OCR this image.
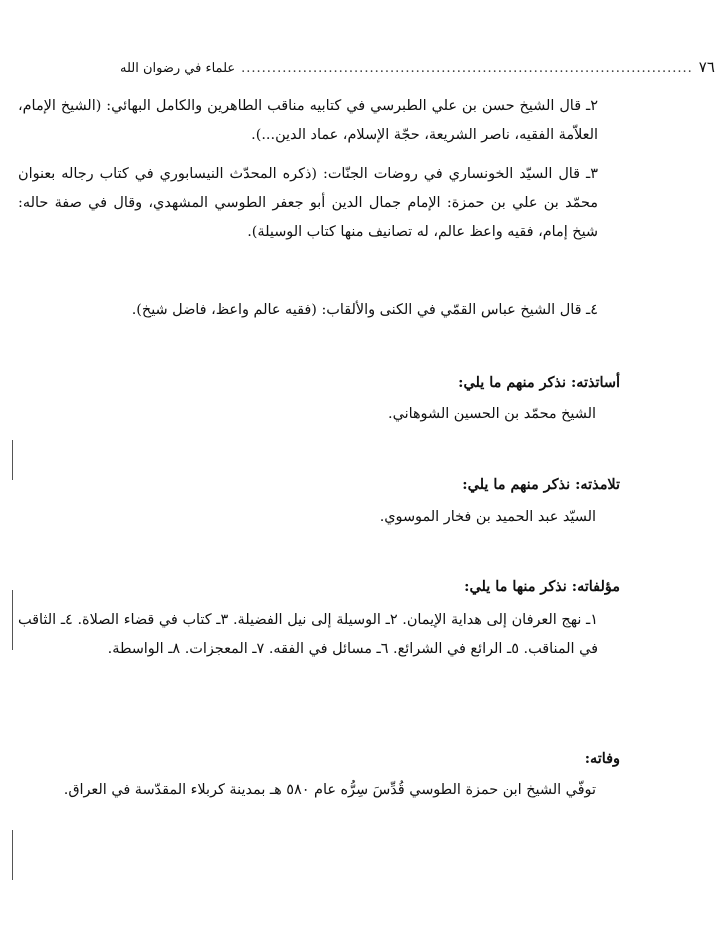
علماء في رضوان الله ........................................................................................ ٧٦
٢ـ قال الشيخ حسن بن علي الطبرسي في كتابيه مناقب الطاهرين والكامل البهائي: (الشيخ الإمام، العلاّمة الفقيه، ناصر الشريعة، حجّة الإسلام، عماد الدين...).
٣ـ قال السيّد الخونساري في روضات الجنّات: (ذكره المحدّث النيسابوري في كتاب رجاله بعنوان محمّد بن علي بن حمزة: الإمام جمال الدين أبو جعفر الطوسي المشهدي، وقال في صفة حاله: شيخ إمام، فقيه واعظ عالم، له تصانيف منها كتاب الوسيلة).
٤ـ قال الشيخ عباس القمّي في الكنى والألقاب: (فقيه عالم واعظ، فاضل شيخ).
أساتذته: نذكر منهم ما يلي:
الشيخ محمّد بن الحسين الشوهاني.
تلامذته: نذكر منهم ما يلي:
السيّد عبد الحميد بن فخار الموسوي.
مؤلفاته: نذكر منها ما يلي:
١ـ نهج العرفان إلى هداية الإيمان. ٢ـ الوسيلة إلى نيل الفضيلة. ٣ـ كتاب في قضاء الصلاة. ٤ـ الثاقب في المناقب. ٥ـ الرائع في الشرائع. ٦ـ مسائل في الفقه. ٧ـ المعجزات. ٨ـ الواسطة.
وفاته:
توفّي الشيخ ابن حمزة الطوسي قُدِّسَ سِرُّه عام ٥٨٠ هـ بمدينة كربلاء المقدّسة في العراق.
